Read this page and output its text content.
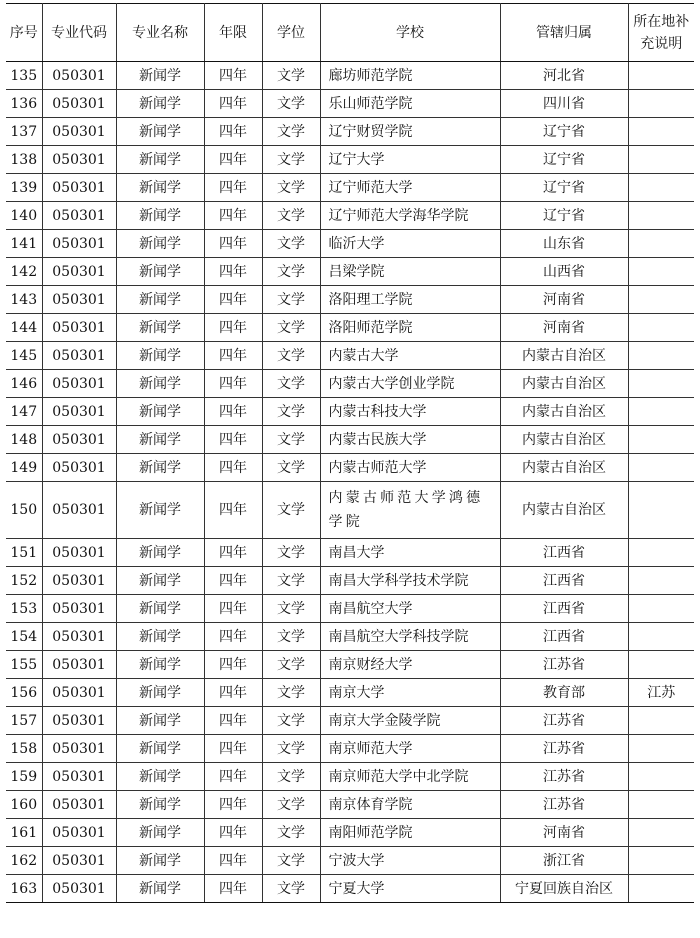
序号	专业代码	专业名称	年限	学位	学校	管辖归属	所在地补充说明
135	050301	新闻学	四年	文学	廊坊师范学院	河北省	
136	050301	新闻学	四年	文学	乐山师范学院	四川省	
137	050301	新闻学	四年	文学	辽宁财贸学院	辽宁省	
138	050301	新闻学	四年	文学	辽宁大学	辽宁省	
139	050301	新闻学	四年	文学	辽宁师范大学	辽宁省	
140	050301	新闻学	四年	文学	辽宁师范大学海华学院	辽宁省	
141	050301	新闻学	四年	文学	临沂大学	山东省	
142	050301	新闻学	四年	文学	吕梁学院	山西省	
143	050301	新闻学	四年	文学	洛阳理工学院	河南省	
144	050301	新闻学	四年	文学	洛阳师范学院	河南省	
145	050301	新闻学	四年	文学	内蒙古大学	内蒙古自治区	
146	050301	新闻学	四年	文学	内蒙古大学创业学院	内蒙古自治区	
147	050301	新闻学	四年	文学	内蒙古科技大学	内蒙古自治区	
148	050301	新闻学	四年	文学	内蒙古民族大学	内蒙古自治区	
149	050301	新闻学	四年	文学	内蒙古师范大学	内蒙古自治区	
150	050301	新闻学	四年	文学	内蒙古师范大学鸿德学院	内蒙古自治区	
151	050301	新闻学	四年	文学	南昌大学	江西省	
152	050301	新闻学	四年	文学	南昌大学科学技术学院	江西省	
153	050301	新闻学	四年	文学	南昌航空大学	江西省	
154	050301	新闻学	四年	文学	南昌航空大学科技学院	江西省	
155	050301	新闻学	四年	文学	南京财经大学	江苏省	
156	050301	新闻学	四年	文学	南京大学	教育部	江苏
157	050301	新闻学	四年	文学	南京大学金陵学院	江苏省	
158	050301	新闻学	四年	文学	南京师范大学	江苏省	
159	050301	新闻学	四年	文学	南京师范大学中北学院	江苏省	
160	050301	新闻学	四年	文学	南京体育学院	江苏省	
161	050301	新闻学	四年	文学	南阳师范学院	河南省	
162	050301	新闻学	四年	文学	宁波大学	浙江省	
163	050301	新闻学	四年	文学	宁夏大学	宁夏回族自治区	
